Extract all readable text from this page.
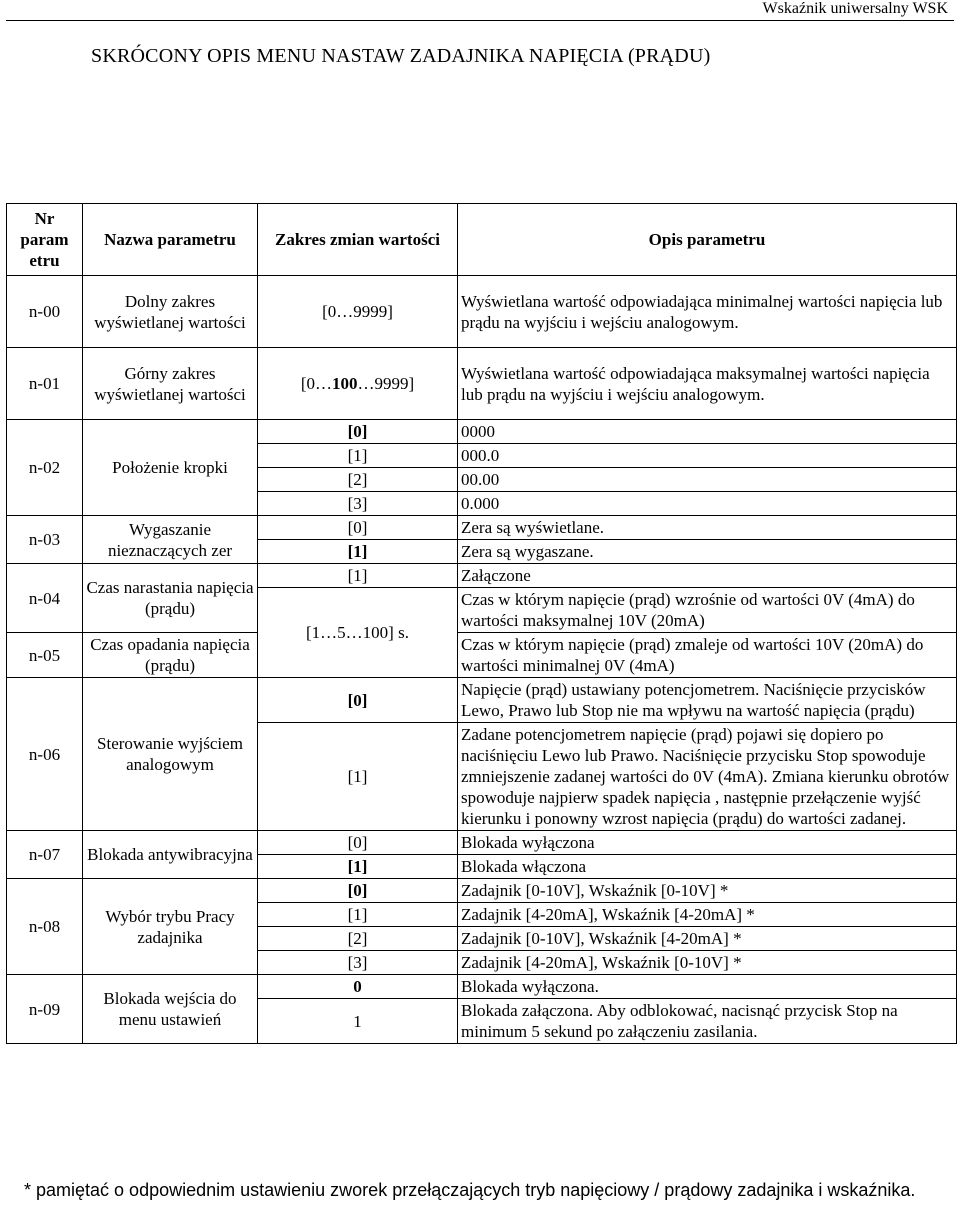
Wskaźnik uniwersalny WSK
SKRÓCONY OPIS MENU NASTAW ZADAJNIKA NAPIĘCIA (PRĄDU)
Nr param etru	Nazwa parametru	Zakres zmian wartości	Opis parametru
n-00	Dolny zakres wyświetlanej wartości	[0…9999]	Wyświetlana wartość odpowiadająca minimalnej wartości napięcia lub prądu na wyjściu i wejściu analogowym.
n-01	Górny zakres wyświetlanej wartości	[0…100…9999]	Wyświetlana wartość odpowiadająca maksymalnej wartości napięcia lub prądu na wyjściu i wejściu analogowym.
n-02	Położenie kropki	[0]	0000
		[1]	000.0
		[2]	00.00
		[3]	0.000
n-03	Wygaszanie nieznaczących zer	[0]	Zera są wyświetlane.
		[1]	Zera są wygaszane.
n-04	Czas narastania napięcia (prądu)	[1]	Załączone
		[1…5…100] s.	Czas w którym napięcie (prąd) wzrośnie od wartości 0V (4mA) do wartości maksymalnej 10V (20mA)
n-05	Czas opadania napięcia (prądu)		Czas w którym napięcie (prąd) zmaleje od wartości 10V (20mA) do wartości minimalnej 0V (4mA)
n-06	Sterowanie wyjściem analogowym	[0]	Napięcie (prąd) ustawiany potencjometrem. Naciśnięcie przycisków Lewo, Prawo lub Stop nie ma wpływu na wartość napięcia (prądu)
		[1]	Zadane potencjometrem napięcie (prąd) pojawi się dopiero po naciśnięciu Lewo lub Prawo. Naciśnięcie przycisku Stop spowoduje zmniejszenie zadanej wartości do 0V (4mA). Zmiana kierunku obrotów spowoduje najpierw spadek napięcia , następnie przełączenie wyjść kierunku i ponowny wzrost napięcia (prądu) do wartości zadanej.
n-07	Blokada antywibracyjna	[0]	Blokada wyłączona
		[1]	Blokada włączona
n-08	Wybór trybu Pracy zadajnika	[0]	Zadajnik [0-10V], Wskaźnik [0-10V] *
		[1]	Zadajnik [4-20mA], Wskaźnik [4-20mA] *
		[2]	Zadajnik [0-10V], Wskaźnik [4-20mA] *
		[3]	Zadajnik [4-20mA], Wskaźnik [0-10V] *
n-09	Blokada wejścia do menu ustawień	0	Blokada wyłączona.
		1	Blokada załączona. Aby odblokować, nacisnąć przycisk Stop na minimum 5 sekund po załączeniu zasilania.
* pamiętać o odpowiednim ustawieniu zworek przełączających tryb napięciowy / prądowy zadajnika i wskaźnika.
